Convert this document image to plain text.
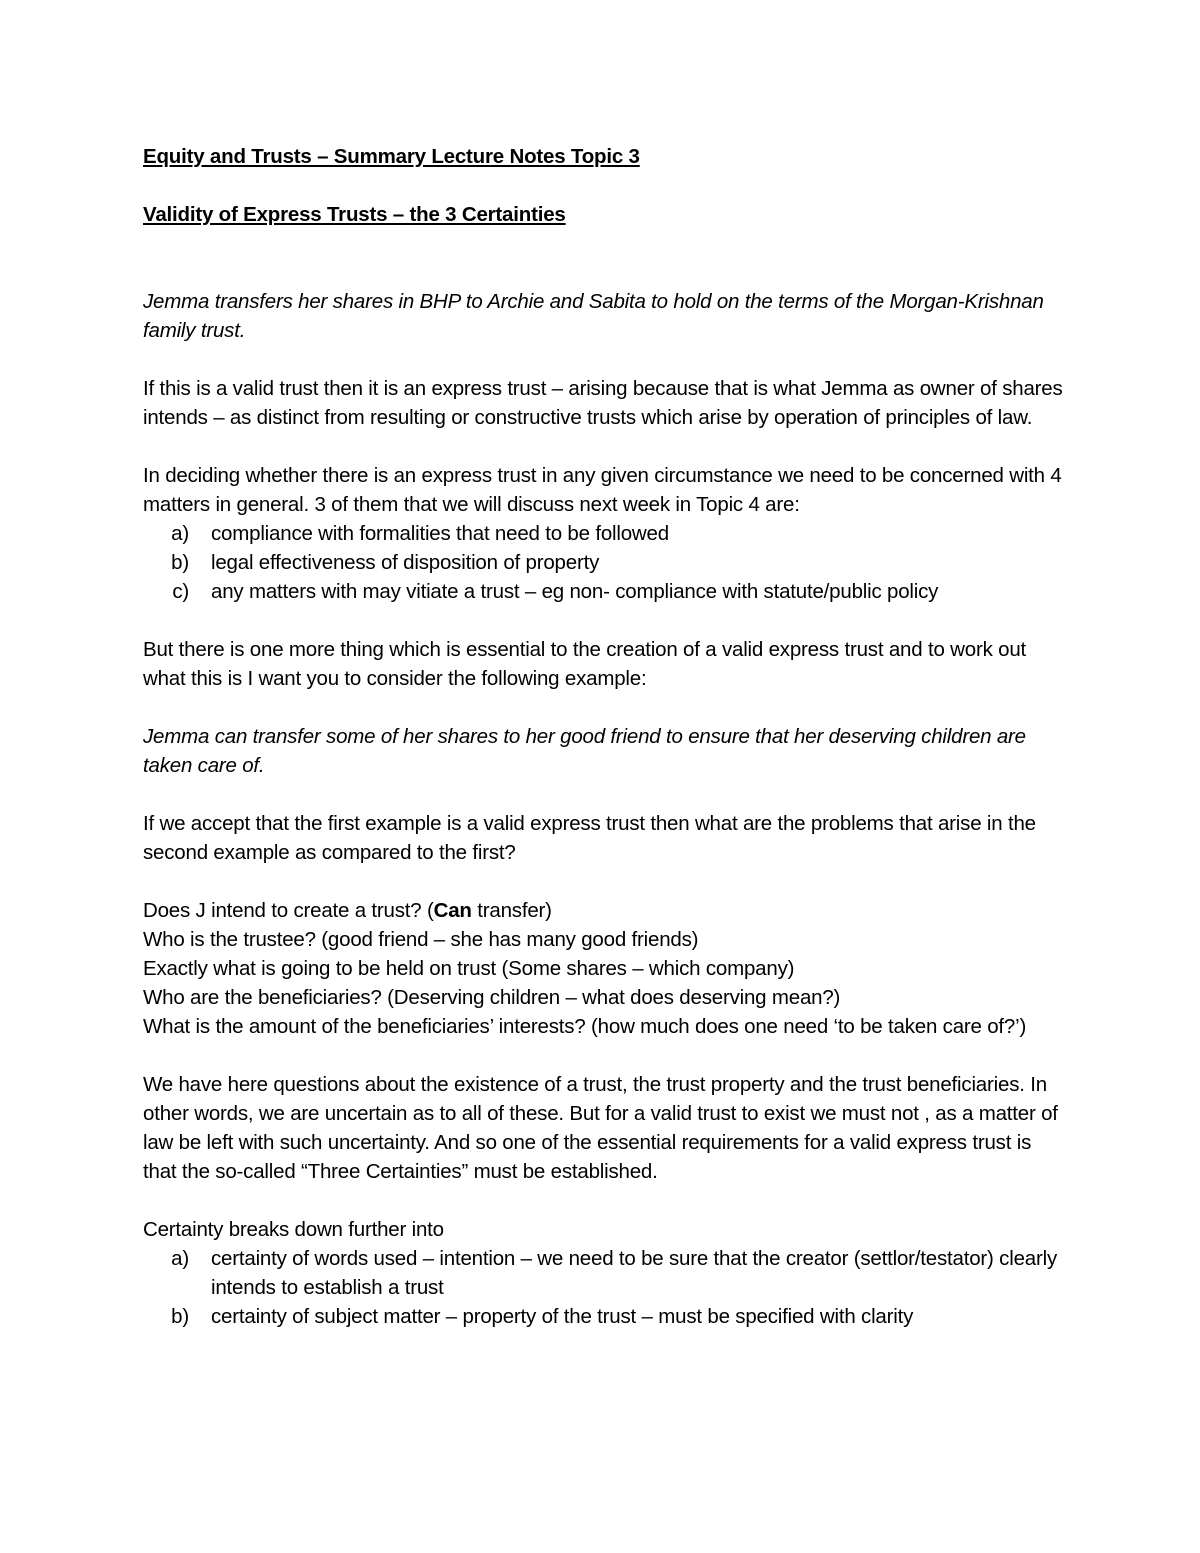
Equity and Trusts – Summary Lecture Notes Topic 3

Validity of Express Trusts – the 3 Certainties

Jemma transfers her shares in BHP to Archie and Sabita to hold on the terms of the Morgan-Krishnan family trust.

If this is a valid trust then it is an express trust – arising because that is what Jemma as owner of shares intends – as distinct from resulting or constructive trusts which arise by operation of principles of law.

In deciding whether there is an express trust in any given circumstance we need to be concerned with 4 matters in general. 3 of them that we will discuss next week in Topic 4 are:
a)	compliance with formalities that need to be followed
b)	legal effectiveness of disposition of property
c)	any matters with may vitiate a trust – eg non- compliance with statute/public policy

But there is one more thing which is essential to the creation of a valid express trust and to work out what this is I want you to consider the following example:

Jemma can transfer some of her shares to her good friend to ensure that her deserving children are taken care of.

If we accept that the first example is a valid express trust then what are the problems that arise in the second example as compared to the first?

Does J intend to create a trust? (Can transfer)

Who is the trustee? (good friend – she has many good friends)

Exactly what is going to be held on trust (Some shares – which company)

Who are the beneficiaries? (Deserving children – what does deserving mean?)

What is the amount of the beneficiaries’ interests? (how much does one need ‘to be taken care of?’)

We have here questions about the existence of a trust, the trust property and the trust beneficiaries. In other words, we are uncertain as to all of these. But for a valid trust to exist we must not , as a matter of law be left with such uncertainty. And so one of the essential requirements for a valid express trust is that the so-called “Three Certainties” must be established.

Certainty breaks down further into
a)	certainty of words used – intention – we need to be sure that the creator (settlor/testator) clearly intends to establish a trust
b)	certainty of subject matter – property of the trust – must be specified with clarity
